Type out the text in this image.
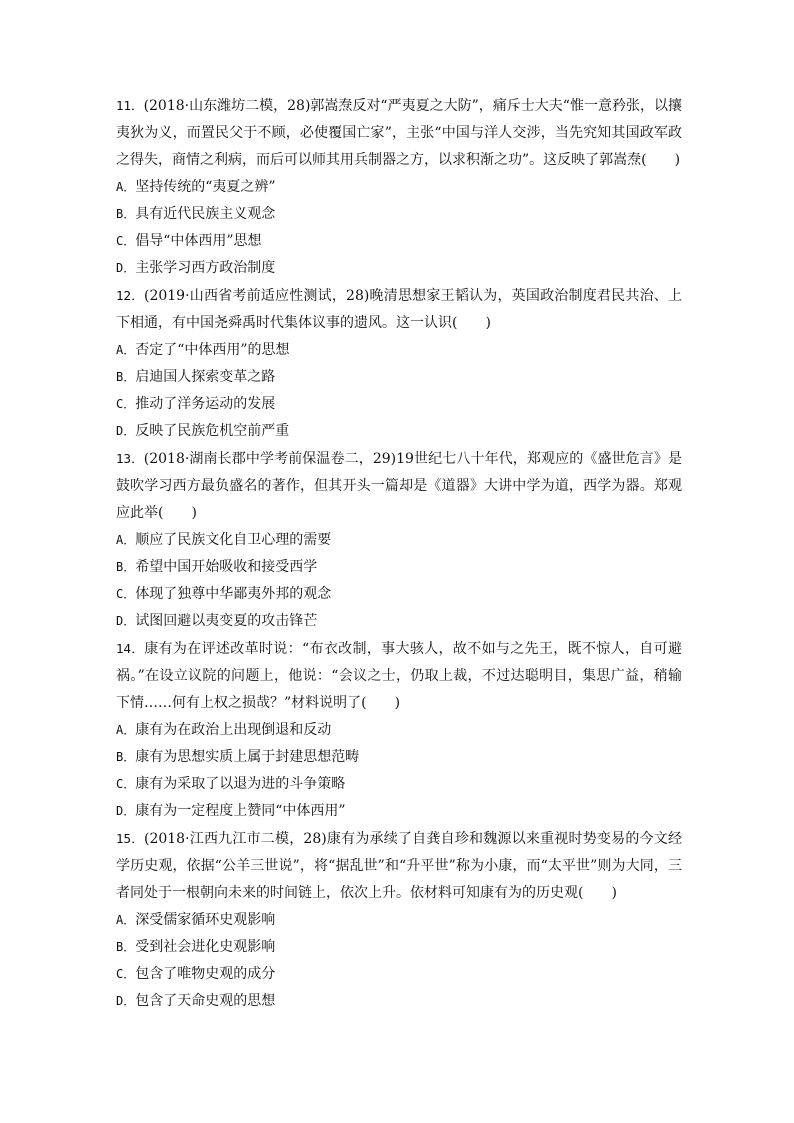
11．(2018·山东潍坊二模，28)郭嵩焘反对“严夷夏之大防”，痛斥士大夫“惟一意矜张，以攘夷狄为义，而置民父于不顾，必使覆国亡家”，主张“中国与洋人交涉，当先究知其国政军政之得失，商情之利病，而后可以师其用兵制器之方，以求积渐之功”。这反映了郭嵩焘(　　)

A．坚持传统的“夷夏之辨”

B．具有近代民族主义观念

C．倡导“中体西用”思想

D．主张学习西方政治制度

12．(2019·山西省考前适应性测试，28)晚清思想家王韬认为，英国政治制度君民共治、上下相通，有中国尧舜禹时代集体议事的遗风。这一认识(　　)

A．否定了“中体西用”的思想

B．启迪国人探索变革之路

C．推动了洋务运动的发展

D．反映了民族危机空前严重

13．(2018·湖南长郡中学考前保温卷二，29)19世纪七八十年代，郑观应的《盛世危言》是鼓吹学习西方最负盛名的著作，但其开头一篇却是《道器》大讲中学为道，西学为器。郑观应此举(　　)

A．顺应了民族文化自卫心理的需要

B．希望中国开始吸收和接受西学

C．体现了独尊中华鄙夷外邦的观念

D．试图回避以夷变夏的攻击锋芒

14．康有为在评述改革时说：“布衣改制，事大骇人，故不如与之先王，既不惊人，自可避祸。”在设立议院的问题上，他说：“会议之士，仍取上裁，不过达聪明目，集思广益，稍输下情……何有上权之损哉？”材料说明了(　　)

A．康有为在政治上出现倒退和反动

B．康有为思想实质上属于封建思想范畴

C．康有为采取了以退为进的斗争策略

D．康有为一定程度上赞同“中体西用”

15．(2018·江西九江市二模，28)康有为承续了自龚自珍和魏源以来重视时势变易的今文经学历史观，依据“公羊三世说”，将“据乱世”和“升平世”称为小康，而“太平世”则为大同，三者同处于一根朝向未来的时间链上，依次上升。依材料可知康有为的历史观(　　)

A．深受儒家循环史观影响

B．受到社会进化史观影响

C．包含了唯物史观的成分

D．包含了天命史观的思想
